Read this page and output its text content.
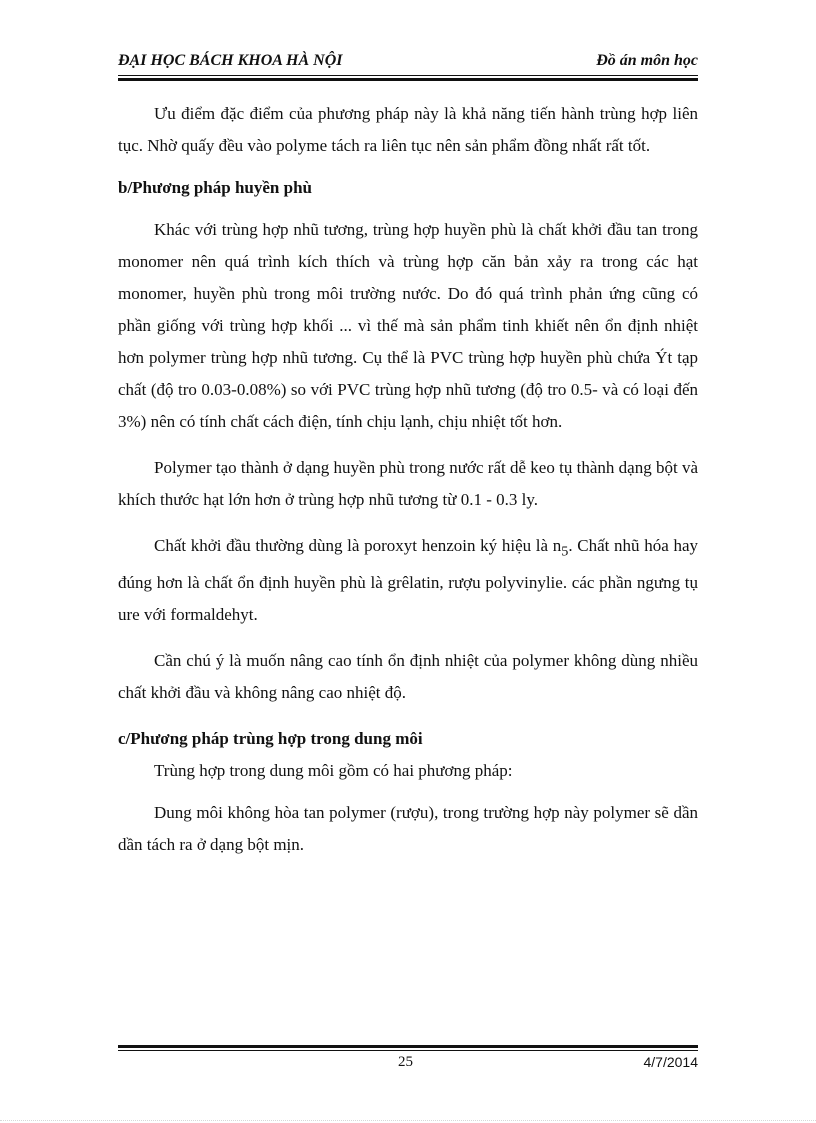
ĐẠI HỌC BÁCH KHOA HÀ NỘI	Đồ án môn học

Ưu điểm đặc điểm của phương pháp này là khả năng tiến hành trùng hợp liên tục. Nhờ quấy đều vào polyme tách ra liên tục nên sản phẩm đồng nhất rất tốt.

b/Phương pháp huyền phù

Khác với trùng hợp nhũ tương, trùng hợp huyền phù là chất khởi đầu tan trong monomer nên quá trình kích thích và trùng hợp căn bản xảy ra trong các hạt monomer, huyền phù trong môi trường nước. Do đó quá trình phản ứng cũng có phần giống với trùng hợp khối ... vì thế mà sản phẩm tinh khiết nên ổn định nhiệt hơn polymer trùng hợp nhũ tương. Cụ thể là PVC trùng hợp huyền phù chứa Ýt tạp chất (độ tro 0.03-0.08%) so với PVC trùng hợp nhũ tương (độ tro 0.5- và có loại đến 3%) nên có tính chất cách điện, tính chịu lạnh, chịu nhiệt tốt hơn.

Polymer tạo thành ở dạng huyền phù trong nước rất dễ keo tụ thành dạng bột và khích thước hạt lớn hơn ở trùng hợp nhũ tương từ 0.1 - 0.3 ly.

Chất khởi đầu thường dùng là poroxyt henzoin ký hiệu là $n_5$. Chất nhũ hóa hay đúng hơn là chất ổn định huyền phù là grêlatin, rượu polyvinylie. các phần ngưng tụ ure với formaldehyt.

Cần chú ý là muốn nâng cao tính ổn định nhiệt của polymer không dùng nhiều chất khởi đầu và không nâng cao nhiệt độ.

c/Phương pháp trùng hợp trong dung môi

Trùng hợp trong dung môi gồm có hai phương pháp:

Dung môi không hòa tan polymer (rượu), trong trường hợp này polymer sẽ dần dần tách ra ở dạng bột mịn.

25	4/7/2014
